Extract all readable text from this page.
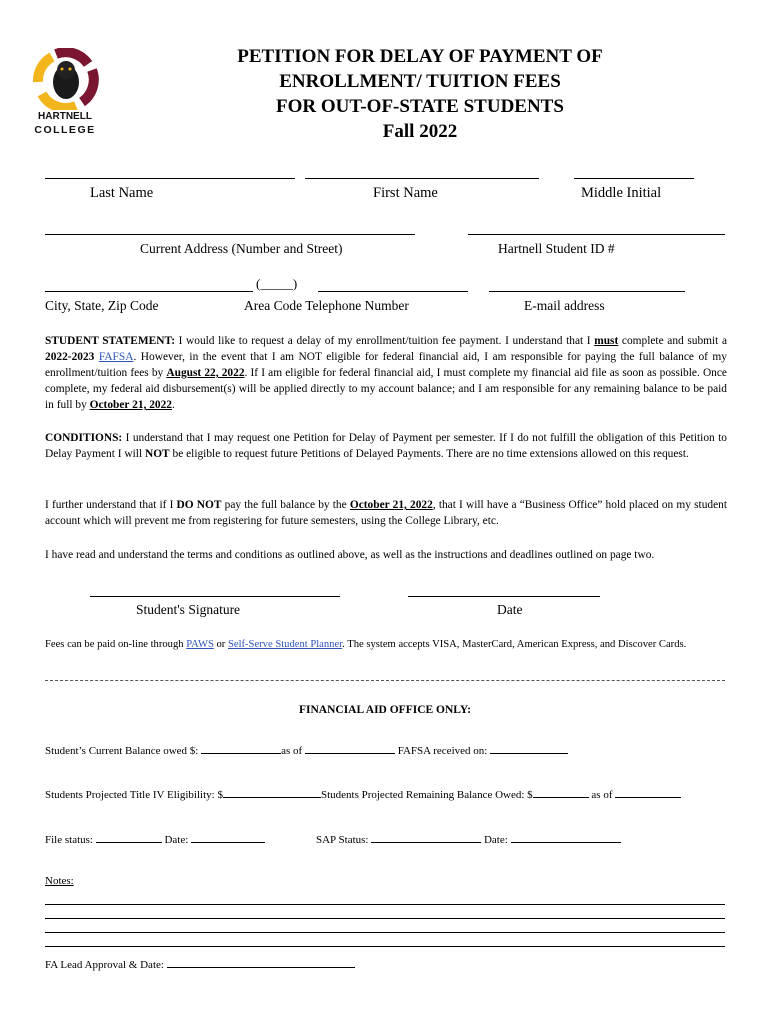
HARTNELL
COLLEGE
PETITION FOR DELAY OF PAYMENT OF
ENROLLMENT/ TUITION FEES
FOR OUT-OF-STATE STUDENTS
Fall 2022
Last Name	First Name	Middle Initial
Current Address (Number and Street)	Hartnell Student ID #
(_____)
City, State, Zip Code	Area Code Telephone Number	E-mail address
STUDENT STATEMENT: I would like to request a delay of my enrollment/tuition fee payment. I understand that I must complete and submit a 2022-2023 FAFSA. However, in the event that I am NOT eligible for federal financial aid, I am responsible for paying the full balance of my enrollment/tuition fees by August 22, 2022. If I am eligible for federal financial aid, I must complete my financial aid file as soon as possible. Once complete, my federal aid disbursement(s) will be applied directly to my account balance; and I am responsible for any remaining balance to be paid in full by October 21, 2022.
CONDITIONS: I understand that I may request one Petition for Delay of Payment per semester. If I do not fulfill the obligation of this Petition to Delay Payment I will NOT be eligible to request future Petitions of Delayed Payments. There are no time extensions allowed on this request.
I further understand that if I DO NOT pay the full balance by the October 21, 2022, that I will have a “Business Office” hold placed on my student account which will prevent me from registering for future semesters, using the College Library, etc.
I have read and understand the terms and conditions as outlined above, as well as the instructions and deadlines outlined on page two.
Student's Signature	Date
Fees can be paid on-line through PAWS or Self-Serve Student Planner. The system accepts VISA, MasterCard, American Express, and Discover Cards.
FINANCIAL AID OFFICE ONLY:
Student’s Current Balance owed $:	as of	FAFSA received on:
Students Projected Title IV Eligibility: $	Students Projected Remaining Balance Owed: $	as of
File status:	Date:	SAP Status:	Date:
Notes:
FA Lead Approval & Date:
